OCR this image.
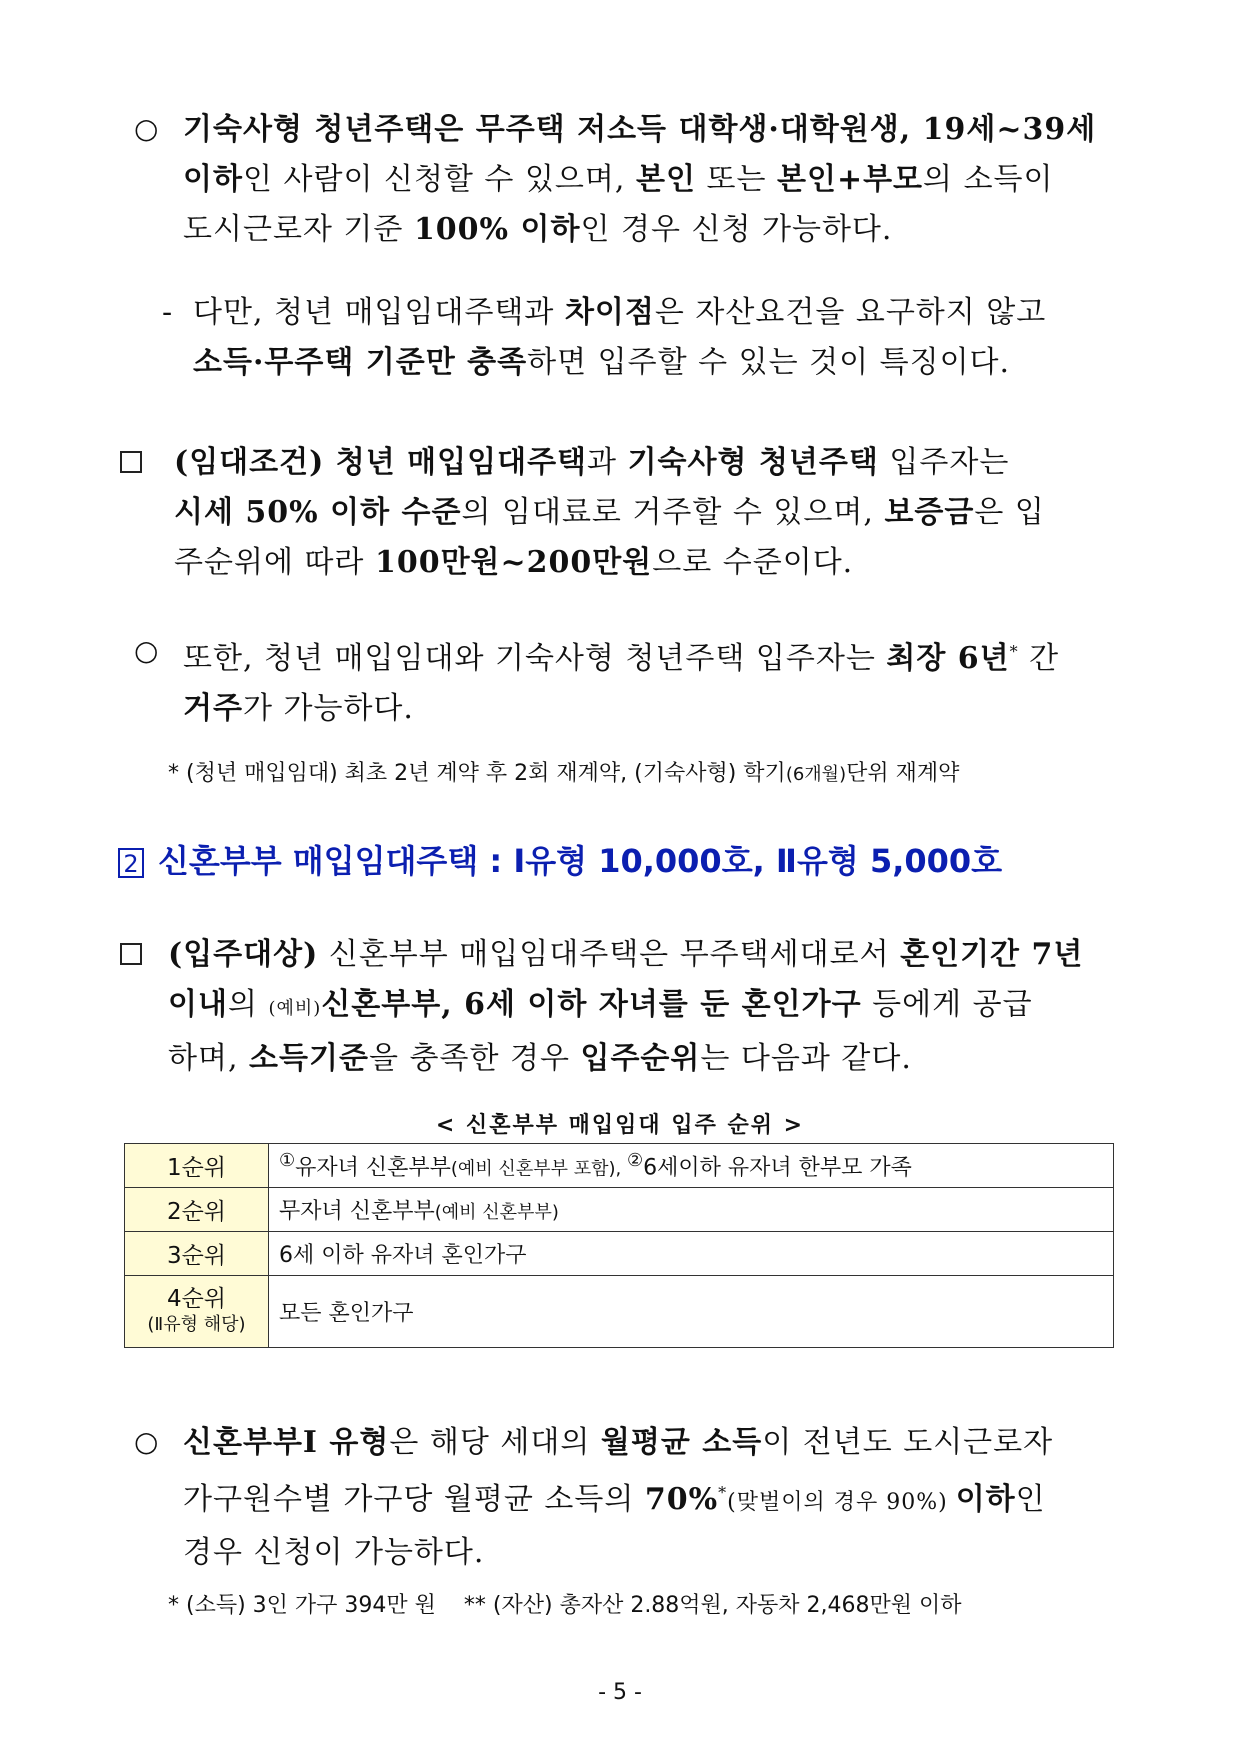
○ 기숙사형 청년주택은 무주택 저소득 대학생·대학원생, 19세~39세
이하인 사람이 신청할 수 있으며, 본인 또는 본인+부모의 소득이
도시근로자 기준 100% 이하인 경우 신청 가능하다.
- 다만, 청년 매입임대주택과 차이점은 자산요건을 요구하지 않고
소득·무주택 기준만 충족하면 입주할 수 있는 것이 특징이다.
(임대조건) 청년 매입임대주택과 기숙사형 청년주택 입주자는
시세 50% 이하 수준의 임대료로 거주할 수 있으며, 보증금은 입
주순위에 따라 100만원~200만원으로 수준이다.
○ 또한, 청년 매입임대와 기숙사형 청년주택 입주자는 최장 6년* 간
거주가 가능하다.
* (청년 매입임대) 최초 2년 계약 후 2회 재계약, (기숙사형) 학기(6개월)단위 재계약
2 신혼부부 매입임대주택 : Ⅰ유형 10,000호, Ⅱ유형 5,000호
(입주대상) 신혼부부 매입임대주택은 무주택세대로서 혼인기간 7년
이내의 (예비)신혼부부, 6세 이하 자녀를 둔 혼인가구 등에게 공급
하며, 소득기준을 충족한 경우 입주순위는 다음과 같다.
< 신혼부부 매입임대 입주 순위 >
1순위	①유자녀 신혼부부(예비 신혼부부 포함), ②6세이하 유자녀 한부모 가족
2순위	무자녀 신혼부부(예비 신혼부부)
3순위	6세 이하 유자녀 혼인가구

4순위
(Ⅱ유형 해당)	모든 혼인가구
○ 신혼부부Ⅰ 유형은 해당 세대의 월평균 소득이 전년도 도시근로자
가구원수별 가구당 월평균 소득의 70%*(맞벌이의 경우 90%) 이하인
경우 신청이 가능하다.
* (소득) 3인 가구 394만 원 ** (자산) 총자산 2.88억원, 자동차 2,468만원 이하
- 5 -
